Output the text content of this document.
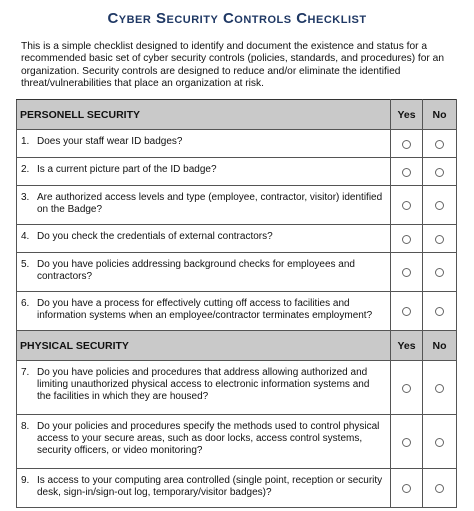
Cyber Security Controls Checklist
This is a simple checklist designed to identify and document the existence and status for a recommended basic set of cyber security controls (policies, standards, and procedures) for an organization. Security controls are designed to reduce and/or eliminate the identified threat/vulnerabilities that place an organization at risk.
PERSONELL SECURITY	Yes	No

1. Does your staff wear ID badges?		

2. Is a current picture part of the ID badge?		

3. Are authorized access levels and type (employee, contractor, visitor) identified on the Badge?		

4. Do you check the credentials of external contractors?		

5. Do you have policies addressing background checks for employees and contractors?		

6. Do you have a process for effectively cutting off access to facilities and information systems when an employee/contractor terminates employment?		

PHYSICAL SECURITY	Yes	No

7. Do you have policies and procedures that address allowing authorized and limiting unauthorized physical access to electronic information systems and the facilities in which they are housed?		

8. Do your policies and procedures specify the methods used to control physical access to your secure areas, such as door locks, access control systems, security officers, or video monitoring?		

9. Is access to your computing area controlled (single point, reception or security desk, sign-in/sign-out log, temporary/visitor badges)?		
